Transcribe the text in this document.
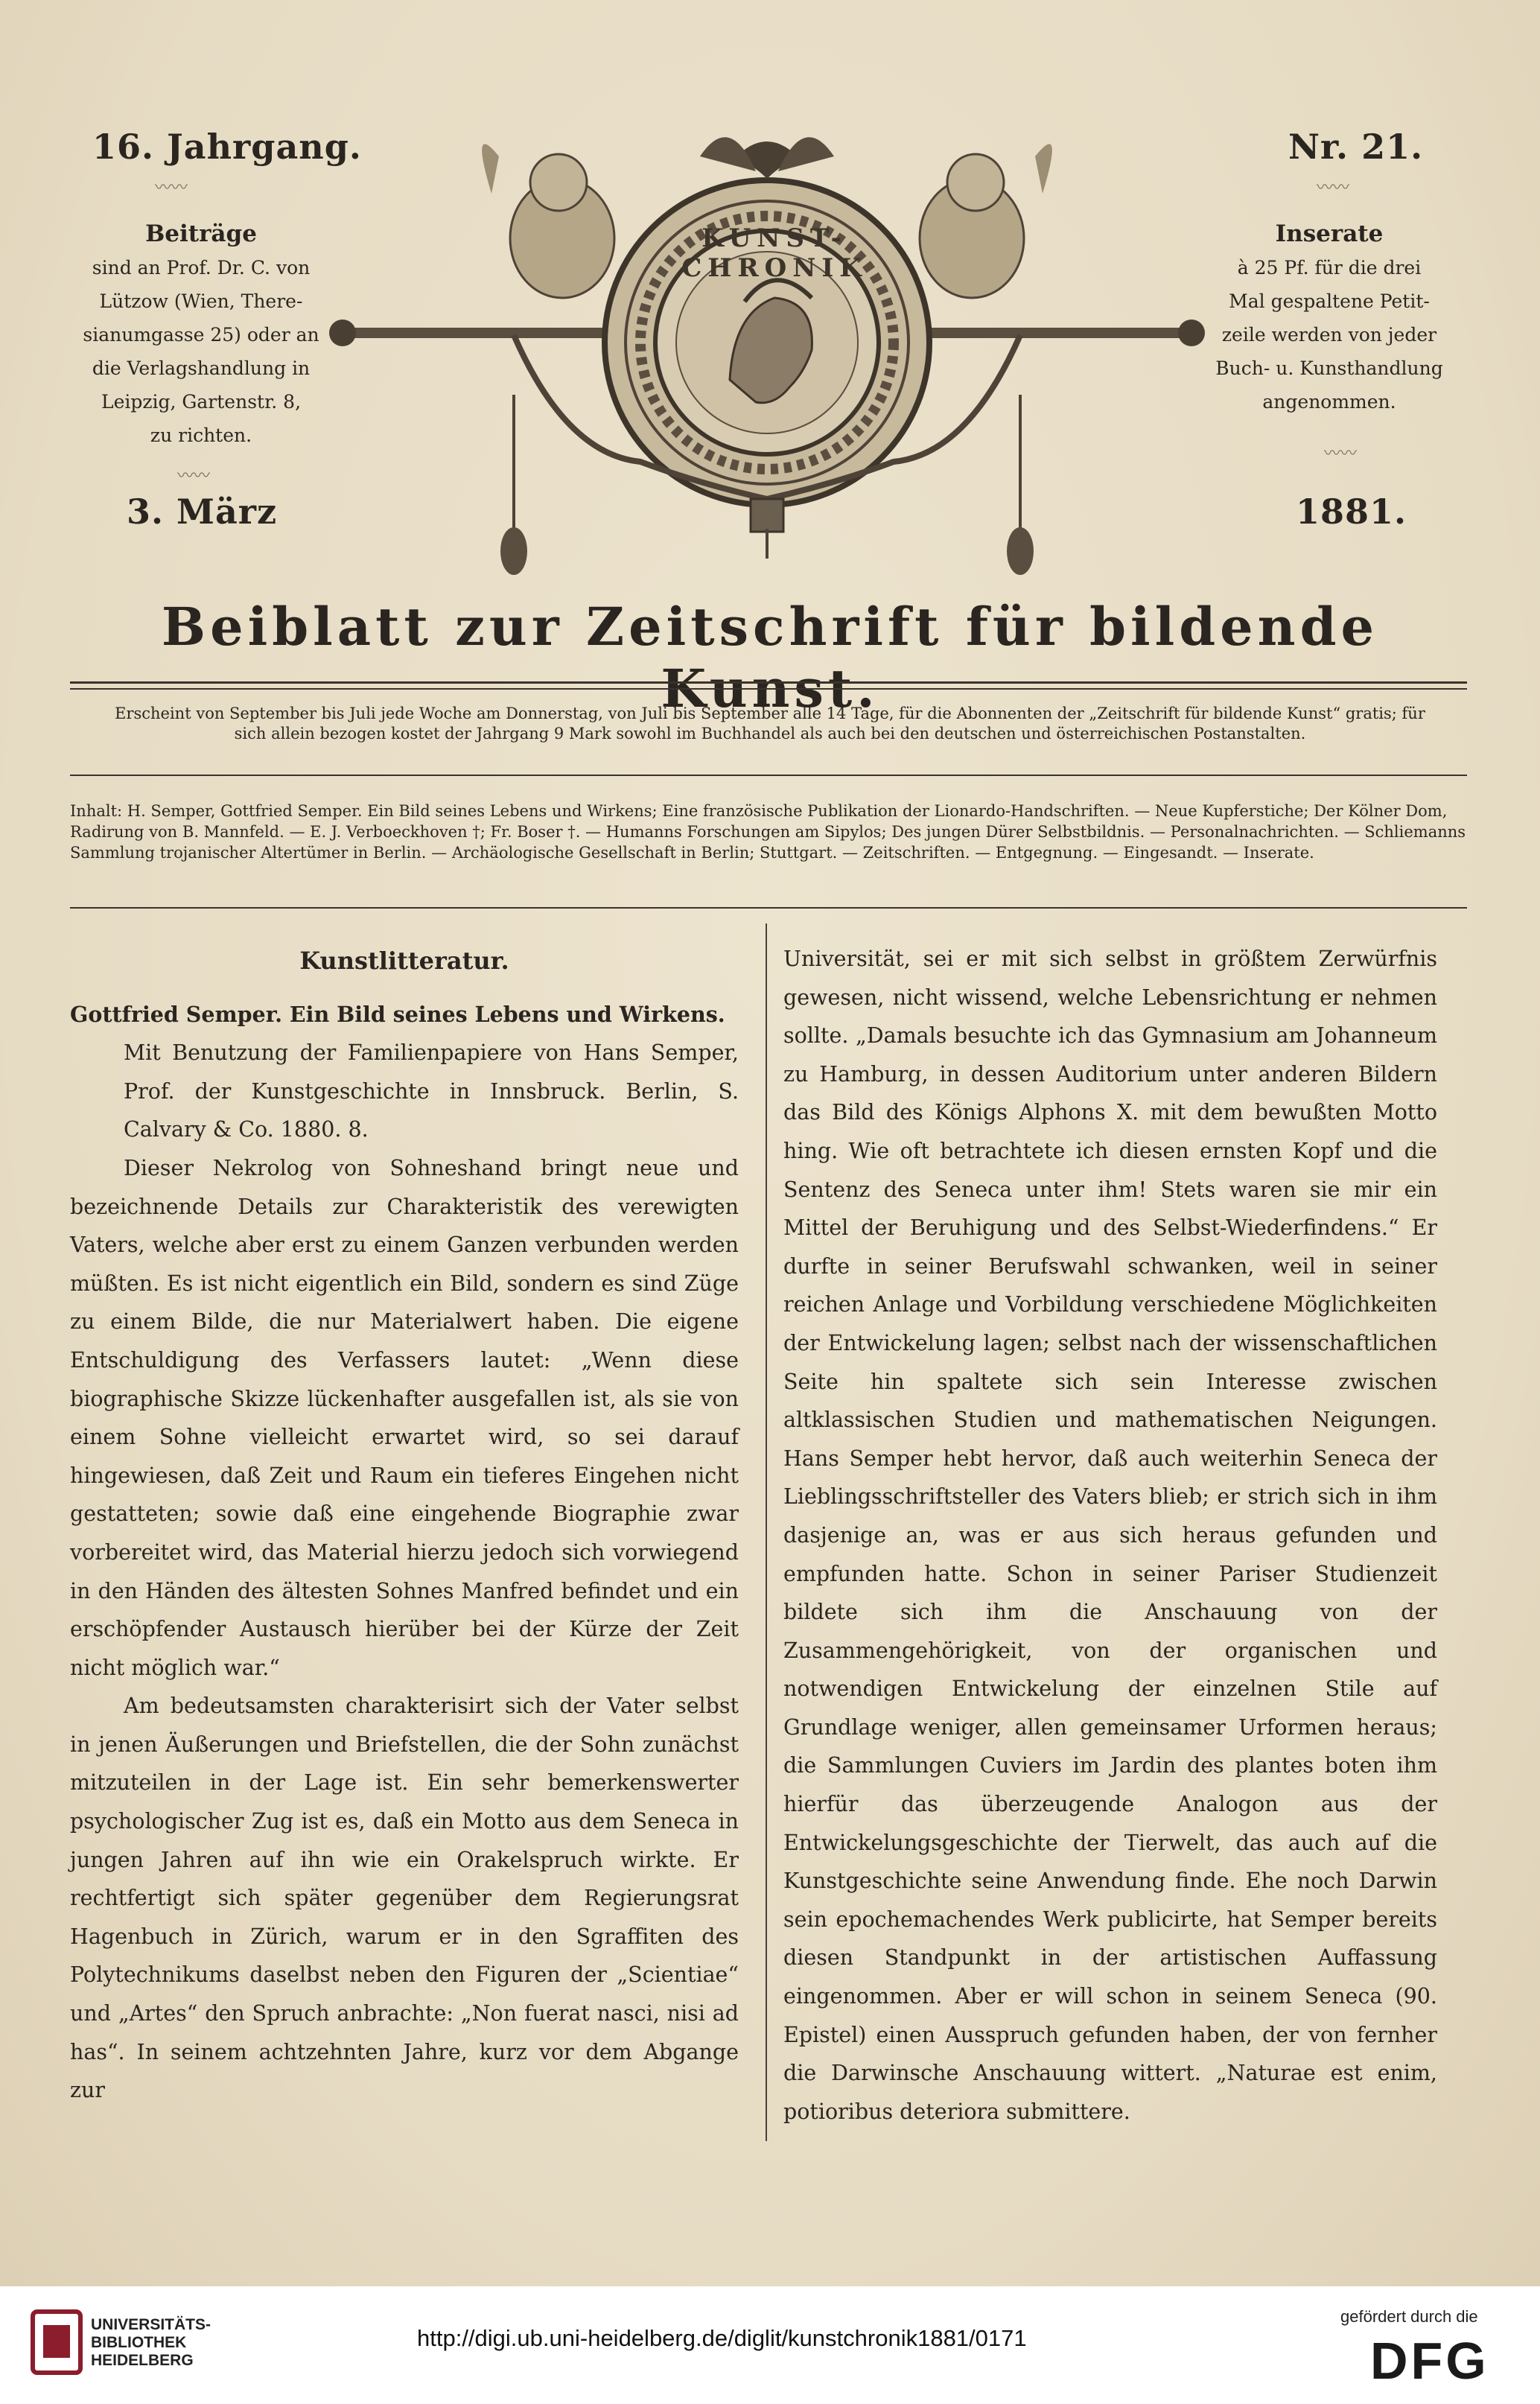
16. Jahrgang.	Nr. 21.
〰〰	〰〰
Beiträge
sind an Prof. Dr. C. von
Lützow (Wien, There-
sianumgasse 25) oder an
die Verlagshandlung in
Leipzig, Gartenstr. 8,
zu richten.
Inserate
à 25 Pf. für die drei
Mal gespaltene Petit-
zeile werden von jeder
Buch- u. Kunsthandlung
angenommen.
〰〰
〰〰
3. März	1881.
KUNST-CHRONIK
Beiblatt zur Zeitschrift für bildende
Erscheint von September bis Juli jede Woche am Donnerstag, von Juli bis September alle 14 Tage, für die Abonnenten der „Zeitschrift für bildende Kunst“ gratis; für sich allein bezogen kostet der Jahrgang 9 Mark sowohl im Buchhandel als auch bei den deutschen und österreichischen Postanstalten.
Inhalt: H. Semper, Gottfried Semper. Ein Bild seines Lebens und Wirkens; Eine französische Publikation der Lionardo-Handschriften. — Neue Kupferstiche; Der Kölner Dom, Radirung von B. Mannfeld. — E. J. Verboeckhoven †; Fr. Boser †. — Humanns Forschungen am Sipylos; Des jungen Dürer Selbstbildnis. — Personalnachrichten. — Schliemanns Sammlung trojanischer Altertümer in Berlin. — Archäologische Gesellschaft in Berlin; Stuttgart. — Zeitschriften. — Entgegnung. — Eingesandt. — Inserate.

Kunstlitteratur.

Gottfried Semper. Ein Bild seines Lebens und Wirkens.

Mit Benutzung der Familienpapiere von Hans Semper, Prof. der Kunstgeschichte in Innsbruck. Berlin, S. Calvary & Co. 1880. 8.

Dieser Nekrolog von Sohneshand bringt neue und bezeichnende Details zur Charakteristik des verewigten Vaters, welche aber erst zu einem Ganzen verbunden werden müßten. Es ist nicht eigentlich ein Bild, sondern es sind Züge zu einem Bilde, die nur Materialwert haben. Die eigene Entschuldigung des Verfassers lautet: „Wenn diese biographische Skizze lückenhafter ausgefallen ist, als sie von einem Sohne vielleicht erwartet wird, so sei darauf hingewiesen, daß Zeit und Raum ein tieferes Eingehen nicht gestatteten; sowie daß eine eingehende Biographie zwar vorbereitet wird, das Material hierzu jedoch sich vorwiegend in den Händen des ältesten Sohnes Manfred befindet und ein erschöpfender Austausch hierüber bei der Kürze der Zeit nicht möglich war.“

Am bedeutsamsten charakterisirt sich der Vater selbst in jenen Äußerungen und Briefstellen, die der Sohn zunächst mitzuteilen in der Lage ist. Ein sehr bemerkenswerter psychologischer Zug ist es, daß ein Motto aus dem Seneca in jungen Jahren auf ihn wie ein Orakelspruch wirkte. Er rechtfertigt sich später gegenüber dem Regierungsrat Hagenbuch in Zürich, warum er in den Sgraffiten des Polytechnikums daselbst neben den Figuren der „Scientiae“ und „Artes“ den Spruch anbrachte: „Non fuerat nasci, nisi ad has“. In seinem achtzehnten Jahre, kurz vor dem Abgange zur

Universität, sei er mit sich selbst in größtem Zerwürfnis gewesen, nicht wissend, welche Lebensrichtung er nehmen sollte. „Damals besuchte ich das Gymnasium am Johanneum zu Hamburg, in dessen Auditorium unter anderen Bildern das Bild des Königs Alphons X. mit dem bewußten Motto hing. Wie oft betrachtete ich diesen ernsten Kopf und die Sentenz des Seneca unter ihm! Stets waren sie mir ein Mittel der Beruhigung und des Selbst-Wiederfindens.“ Er durfte in seiner Berufswahl schwanken, weil in seiner reichen Anlage und Vorbildung verschiedene Möglichkeiten der Entwickelung lagen; selbst nach der wissenschaftlichen Seite hin spaltete sich sein Interesse zwischen altklassischen Studien und mathematischen Neigungen. Hans Semper hebt hervor, daß auch weiterhin Seneca der Lieblingsschriftsteller des Vaters blieb; er strich sich in ihm dasjenige an, was er aus sich heraus gefunden und empfunden hatte. Schon in seiner Pariser Studienzeit bildete sich ihm die Anschauung von der Zusammengehörigkeit, von der organischen und notwendigen Entwickelung der einzelnen Stile auf Grundlage weniger, allen gemeinsamer Urformen heraus; die Sammlungen Cuviers im Jardin des plantes boten ihm hierfür das überzeugende Analogon aus der Entwickelungsgeschichte der Tierwelt, das auch auf die Kunstgeschichte seine Anwendung finde. Ehe noch Darwin sein epochemachendes Werk publicirte, hat Semper bereits diesen Standpunkt in der artistischen Auffassung eingenommen. Aber er will schon in seinem Seneca (90. Epistel) einen Ausspruch gefunden haben, der von fernher die Darwinsche Anschauung wittert. „Naturae est enim, potioribus deteriora submittere.

UNIVERSITÄTS-
BIBLIOTHEK
HEIDELBERG
http://digi.ub.uni-heidelberg.de/diglit/kunstchronik1881/0171
gefördert durch die
DFG
